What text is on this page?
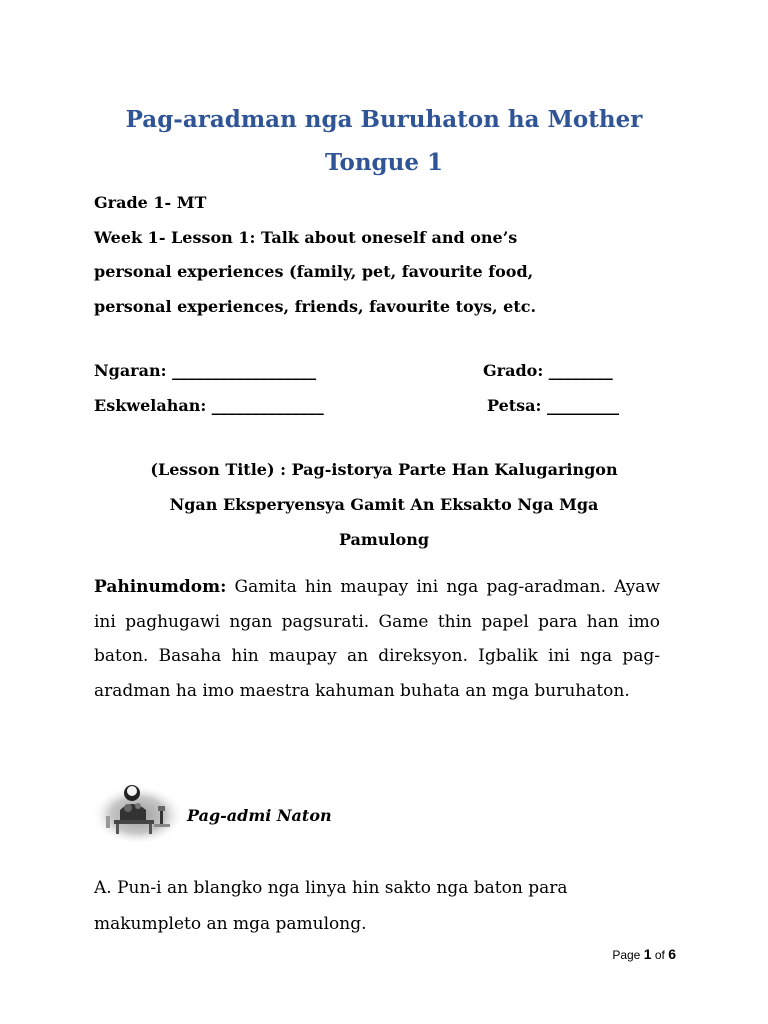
Pag-aradman nga Buruhaton ha Mother
Tongue 1
Grade 1- MT
Week 1- Lesson 1: Talk about oneself and one’s
personal experiences (family, pet, favourite food,
personal experiences, friends, favourite toys, etc.
Ngaran: __________________	Grado: ________
Eskwelahan: ______________	Petsa: _________
(Lesson Title) : Pag-istorya Parte Han Kalugaringon
Ngan Eksperyensya Gamit An Eksakto Nga Mga
Pamulong
Pahinumdom: Gamita hin maupay ini nga pag-aradman. Ayaw ini paghugawi ngan pagsurati. Game thin papel para han imo baton. Basaha hin maupay an direksyon. Igbalik ini nga pag-aradman ha imo maestra kahuman buhata an mga buruhaton.
Pag-admi Naton
A. Pun-i an blangko nga linya hin sakto nga baton para makumpleto an mga pamulong.
Page 1 of 6
